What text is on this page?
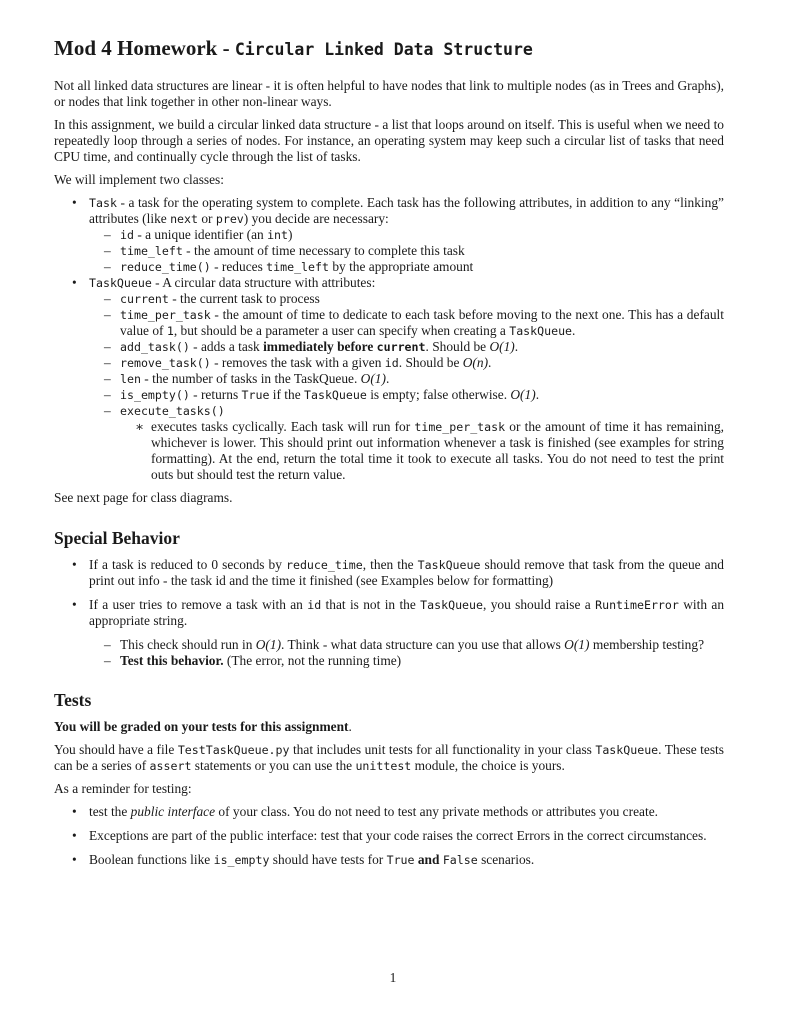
Mod 4 Homework - Circular Linked Data Structure

Not all linked data structures are linear - it is often helpful to have nodes that link to multiple nodes (as in Trees and Graphs), or nodes that link together in other non-linear ways.

In this assignment, we build a circular linked data structure - a list that loops around on itself. This is useful when we need to repeatedly loop through a series of nodes. For instance, an operating system may keep such a circular list of tasks that need CPU time, and continually cycle through the list of tasks.

We will implement two classes:

• Task - a task for the operating system to complete. Each task has the following attributes, in addition to any “linking” attributes (like next or prev) you decide are necessary:
– id - a unique identifier (an int)
– time_left - the amount of time necessary to complete this task
– reduce_time() - reduces time_left by the appropriate amount
• TaskQueue - A circular data structure with attributes:
– current - the current task to process
– time_per_task - the amount of time to dedicate to each task before moving to the next one. This has a default value of 1, but should be a parameter a user can specify when creating a TaskQueue.
– add_task() - adds a task immediately before current. Should be O(1).
– remove_task() - removes the task with a given id. Should be O(n).
– len - the number of tasks in the TaskQueue. O(1).
– is_empty() - returns True if the TaskQueue is empty; false otherwise. O(1).
– execute_tasks()
∗ executes tasks cyclically. Each task will run for time_per_task or the amount of time it has remaining, whichever is lower. This should print out information whenever a task is finished (see examples for string formatting). At the end, return the total time it took to execute all tasks. You do not need to test the print outs but should test the return value.

See next page for class diagrams.

Special Behavior
• If a task is reduced to 0 seconds by reduce_time, then the TaskQueue should remove that task from the queue and print out info - the task id and the time it finished (see Examples below for formatting)
• If a user tries to remove a task with an id that is not in the TaskQueue, you should raise a RuntimeError with an appropriate string.
– This check should run in O(1). Think - what data structure can you use that allows O(1) membership testing?
– Test this behavior. (The error, not the running time)
Tests

You will be graded on your tests for this assignment.

You should have a file TestTaskQueue.py that includes unit tests for all functionality in your class TaskQueue. These tests can be a series of assert statements or you can use the unittest module, the choice is yours.

As a reminder for testing:

• test the public interface of your class. You do not need to test any private methods or attributes you create.
• Exceptions are part of the public interface: test that your code raises the correct Errors in the correct circumstances.
• Boolean functions like is_empty should have tests for True and False scenarios.
1
